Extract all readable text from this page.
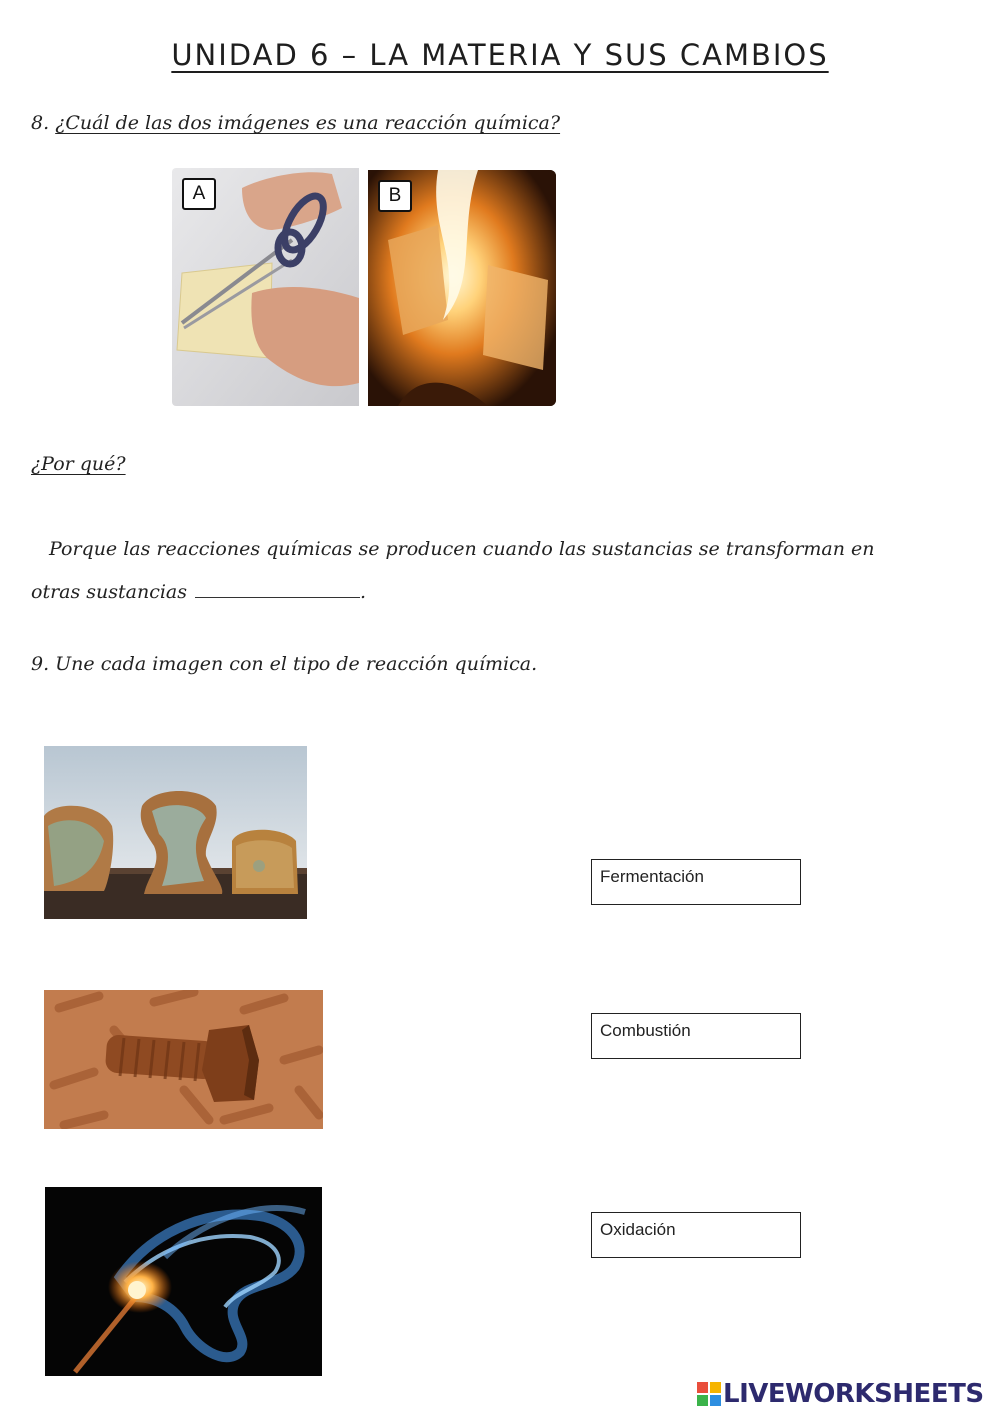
UNIDAD 6 – LA MATERIA Y SUS CAMBIOS
8. ¿Cuál de las dos imágenes es una reacción química?
A	B
¿Por qué?
Porque las reacciones químicas se producen cuando las sustancias se transforman en
otras sustancias	.
9. Une cada imagen con el tipo de reacción química.
Fermentación
Combustión
Oxidación
LIVEWORKSHEETS
